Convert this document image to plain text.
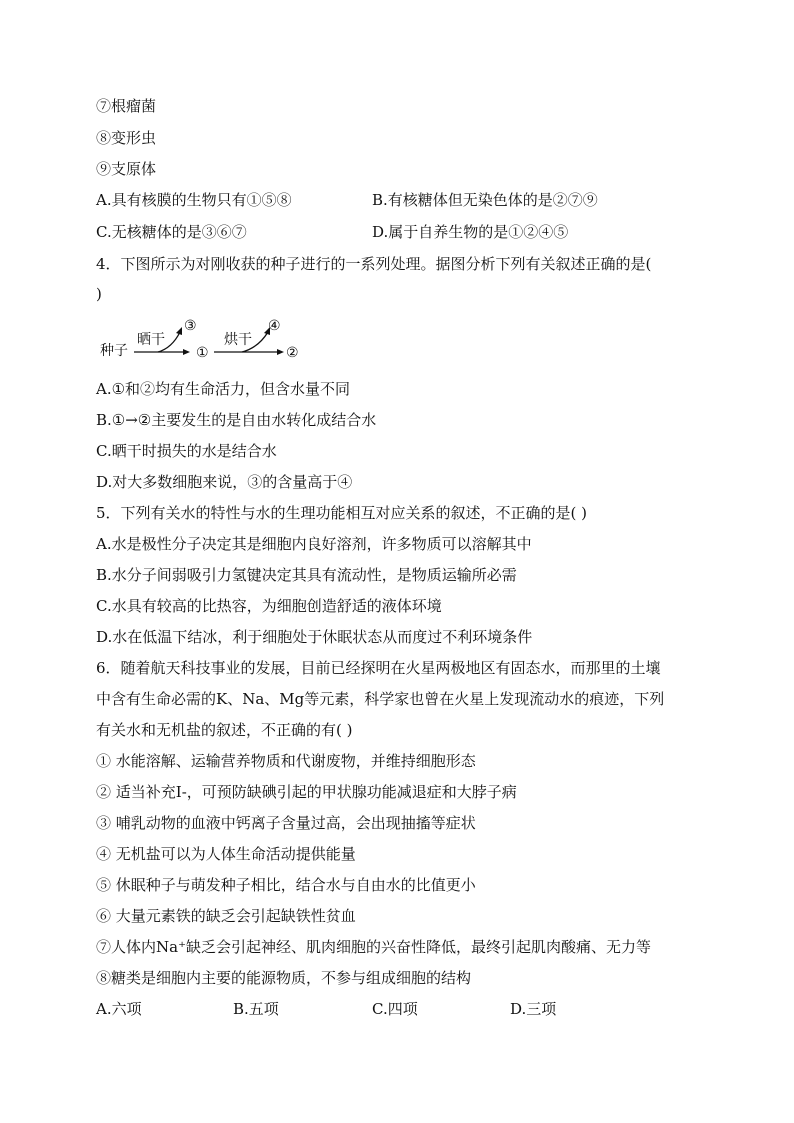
⑦根瘤菌
⑧变形虫
⑨支原体
A.具有核膜的生物只有①⑤⑧	B.有核糖体但无染色体的是②⑦⑨
C.无核糖体的是③⑥⑦	D.属于自养生物的是①②④⑤
4．下图所示为对刚收获的种子进行的一系列处理。据图分析下列有关叙述正确的是(
)
种子
晒干
③
①
烘干
④
②
A.①和②均有生命活力，但含水量不同
B.①→②主要发生的是自由水转化成结合水
C.晒干时损失的水是结合水
D.对大多数细胞来说，③的含量高于④
5．下列有关水的特性与水的生理功能相互对应关系的叙述，不正确的是( )
A.水是极性分子决定其是细胞内良好溶剂，许多物质可以溶解其中
B.水分子间弱吸引力氢键决定其具有流动性，是物质运输所必需
C.水具有较高的比热容，为细胞创造舒适的液体环境
D.水在低温下结冰，利于细胞处于休眠状态从而度过不利环境条件
6．随着航天科技事业的发展，目前已经探明在火星两极地区有固态水，而那里的土壤
中含有生命必需的K、Na、Mg等元素，科学家也曾在火星上发现流动水的痕迹，下列
有关水和无机盐的叙述，不正确的有( )
① 水能溶解、运输营养物质和代谢废物，并维持细胞形态
② 适当补充I-，可预防缺碘引起的甲状腺功能减退症和大脖子病
③ 哺乳动物的血液中钙离子含量过高，会出现抽搐等症状
④ 无机盐可以为人体生命活动提供能量
⑤ 休眠种子与萌发种子相比，结合水与自由水的比值更小
⑥ 大量元素铁的缺乏会引起缺铁性贫血
⑦人体内Na⁺缺乏会引起神经、肌肉细胞的兴奋性降低，最终引起肌肉酸痛、无力等
⑧糖类是细胞内主要的能源物质，不参与组成细胞的结构
A.六项	B.五项	C.四项	D.三项
